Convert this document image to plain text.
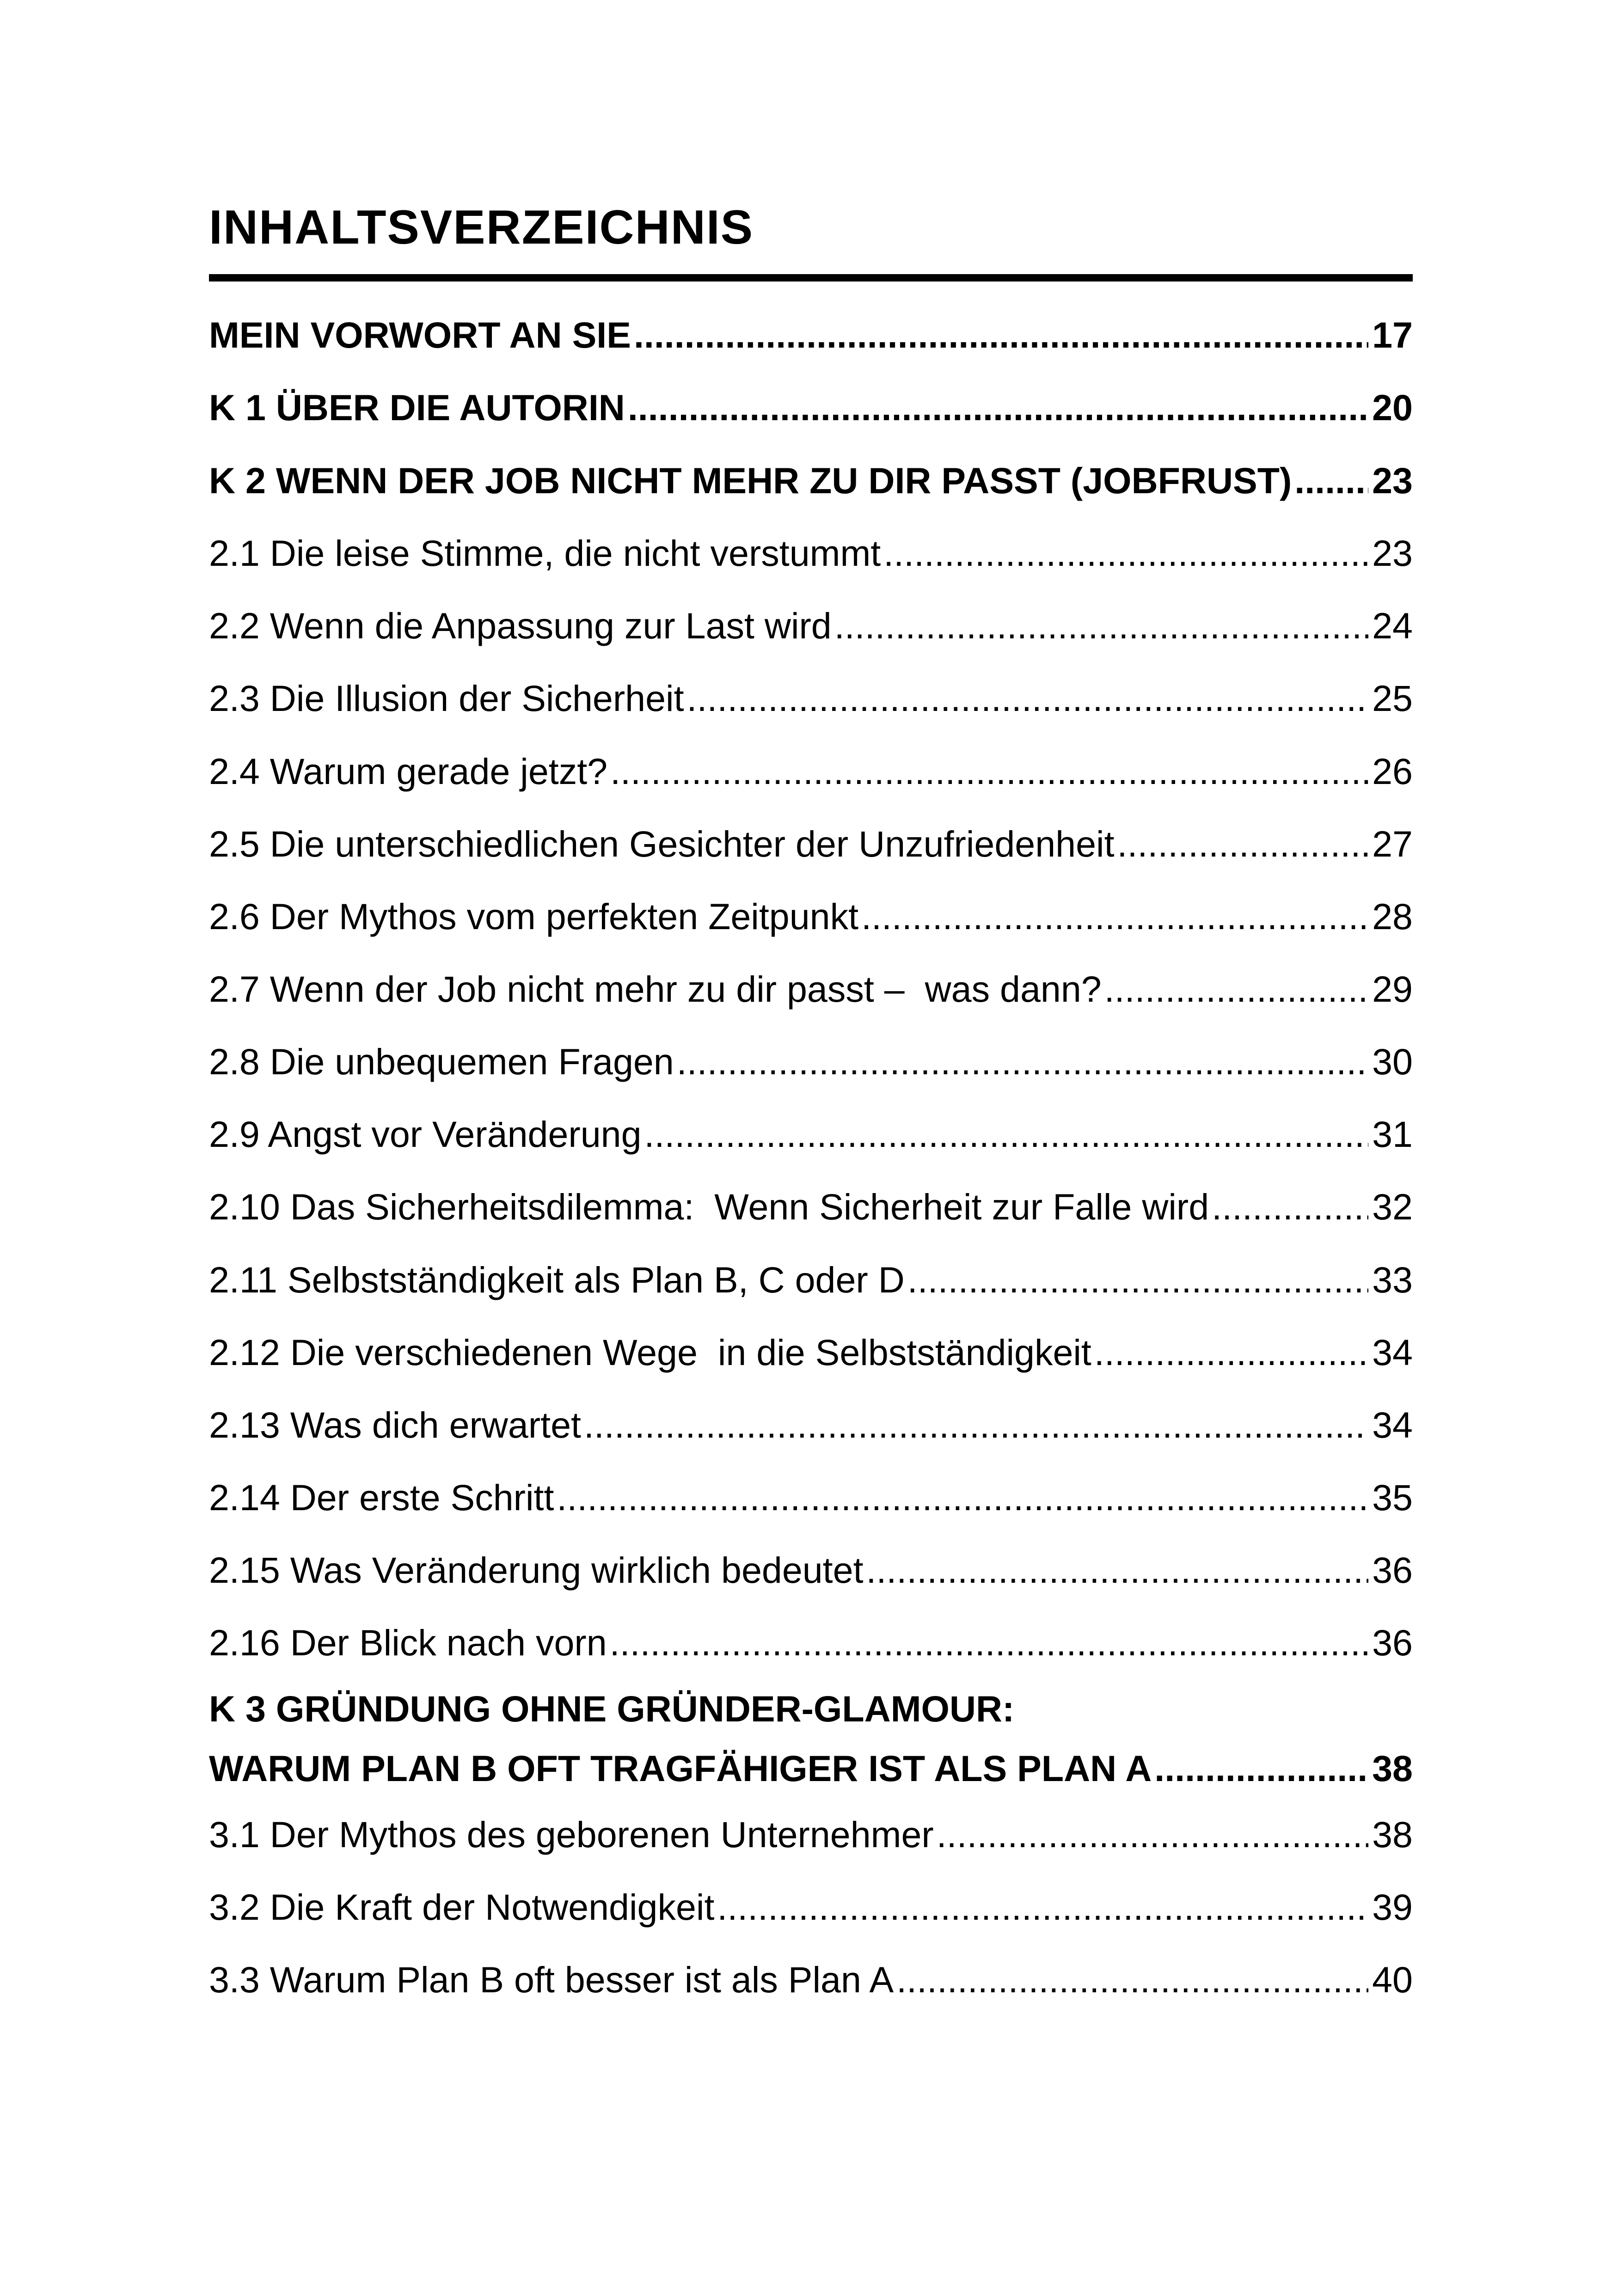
INHALTSVERZEICHNIS
MEIN VORWORT AN SIE .....	17
K 1 ÜBER DIE AUTORIN .....	20
K 2 WENN DER JOB NICHT MEHR ZU DIR PASST (JOBFRUST) ..... 23
2.1 Die leise Stimme, die nicht verstummt .....	23
2.2 Wenn die Anpassung zur Last wird .....	24
2.3 Die Illusion der Sicherheit .....	25
2.4 Warum gerade jetzt? .....	26
2.5 Die unterschiedlichen Gesichter der Unzufriedenheit .....	27
2.6 Der Mythos vom perfekten Zeitpunkt .....	28
2.7 Wenn der Job nicht mehr zu dir passt –  was dann? .....	29
2.8 Die unbequemen Fragen .....	30
2.9 Angst vor Veränderung .....	31
2.10 Das Sicherheitsdilemma:  Wenn Sicherheit zur Falle wird .....	32
2.11 Selbstständigkeit als Plan B, C oder D .....	33
2.12 Die verschiedenen Wege  in die Selbstständigkeit .....	34
2.13 Was dich erwartet .....	34
2.14 Der erste Schritt .....	35
2.15 Was Veränderung wirklich bedeutet .....	36
2.16 Der Blick nach vorn .....	36
K 3 GRÜNDUNG OHNE GRÜNDER-GLAMOUR:
WARUM PLAN B OFT TRAGFÄHIGER IST ALS PLAN A .....	38
3.1 Der Mythos des geborenen Unternehmer .....	38
3.2 Die Kraft der Notwendigkeit .....	39
3.3 Warum Plan B oft besser ist als Plan A .....	40
